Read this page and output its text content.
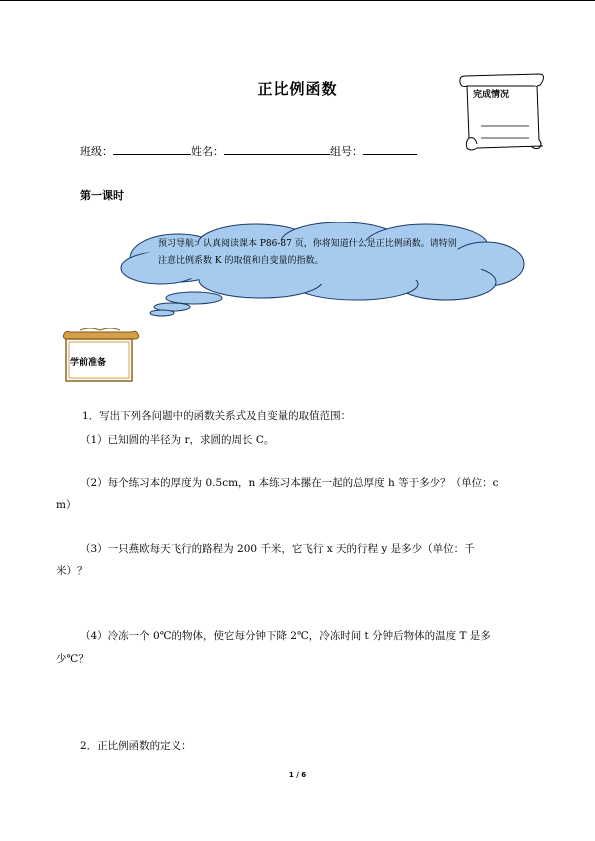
正比例函数	完成情况
班级：	姓名：	组号：
第一课时
预习导航：认真阅读课本 P86-87 页，你将知道什么是正比例函数。请特别注意比例系数 K 的取值和自变量的指数。
学前准备
1．写出下列各问题中的函数关系式及自变量的取值范围：
（1）已知圆的半径为 r，求圆的周长 C。
（2）每个练习本的厚度为 0.5cm，n 本练习本摞在一起的总厚度 h 等于多少？（单位：c
m）
（3）一只燕欧每天飞行的路程为 200 千米，它飞行 x 天的行程 y 是多少（单位：千
米）？
（4）冷冻一个 0℃的物体，使它每分钟下降 2℃，冷冻时间 t 分钟后物体的温度 T 是多
少℃？
2．正比例函数的定义：
1 / 6
